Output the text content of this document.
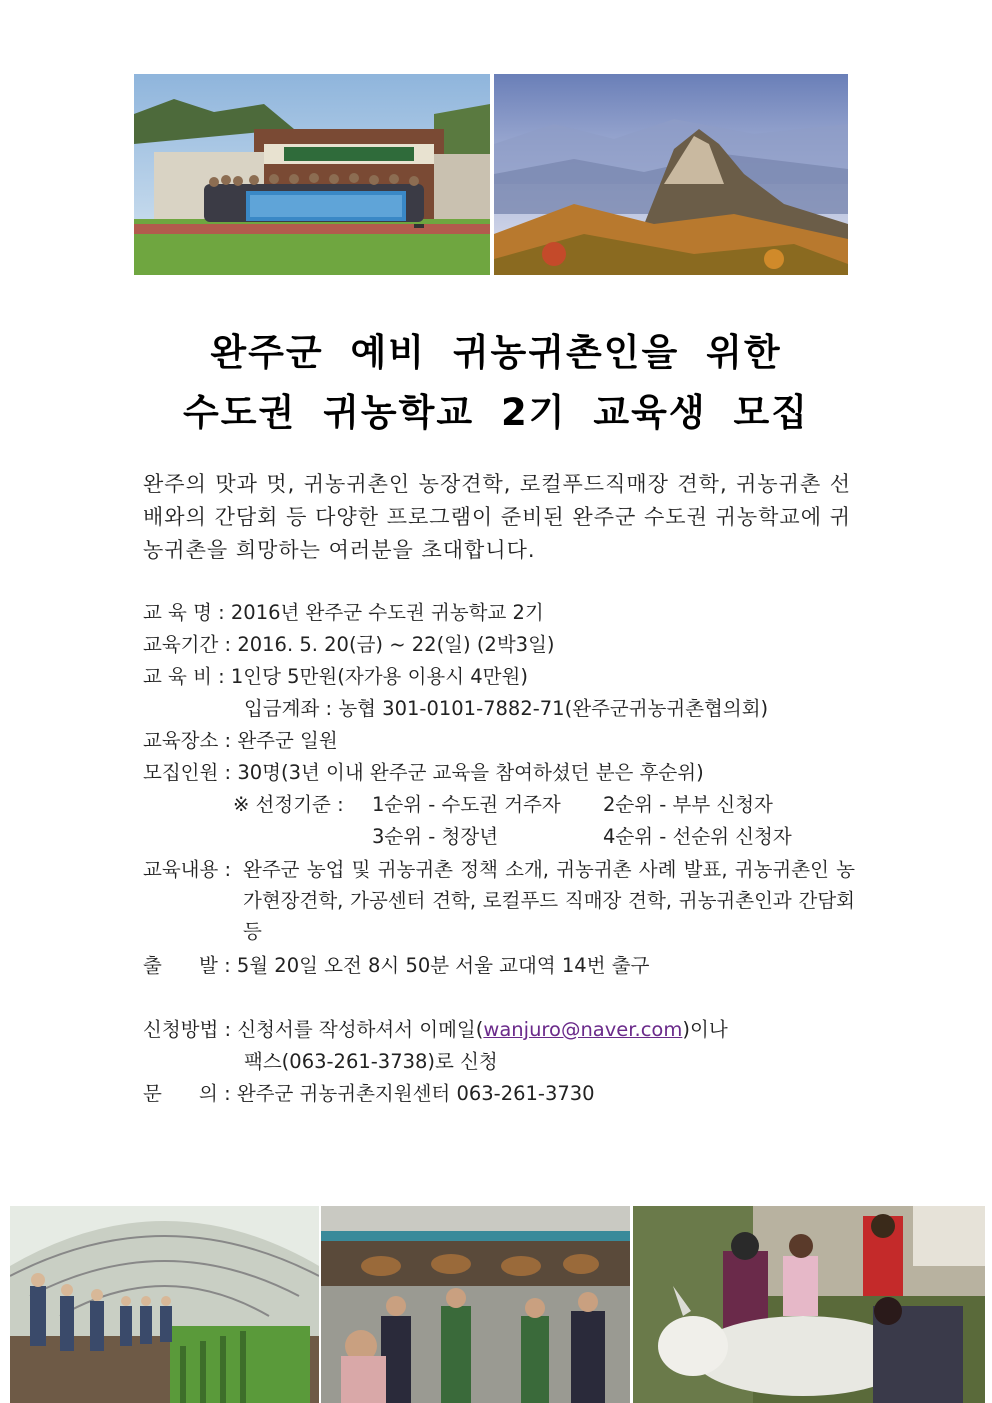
완주군 예비 귀농귀촌인을 위한
수도권 귀농학교 2기 교육생 모집
완주의 맛과 멋, 귀농귀촌인 농장견학, 로컬푸드직매장 견학, 귀농귀촌 선배와의 간담회 등 다양한 프로그램이 준비된 완주군 수도권 귀농학교에 귀농귀촌을 희망하는 여러분을 초대합니다.
교 육 명 : 2016년 완주군 수도권 귀농학교 2기
교육기간 : 2016. 5. 20(금) ~ 22(일) (2박3일)
교 육 비 : 1인당 5만원(자가용 이용시 4만원)
입금계좌 : 농협 301-0101-7882-71(완주군귀농귀촌협의회)
교육장소 : 완주군 일원
모집인원 : 30명(3년 이내 완주군 교육을 참여하셨던 분은 후순위)
※ 선정기준 : 1순위 - 수도권 거주자 2순위 - 부부 신청자
3순위 - 청장년	4순위 - 선순위 신청자
교육내용 : 완주군 농업 및 귀농귀촌 정책 소개, 귀농귀촌 사례 발표, 귀농귀촌인 농가현장견학, 가공센터 견학, 로컬푸드 직매장 견학, 귀농귀촌인과 간담회 등
출      발 : 5월 20일 오전 8시 50분 서울 교대역 14번 출구
신청방법 : 신청서를 작성하셔서 이메일(wanjuro@naver.com)이나
팩스(063-261-3738)로 신청
문      의 : 완주군 귀농귀촌지원센터 063-261-3730
